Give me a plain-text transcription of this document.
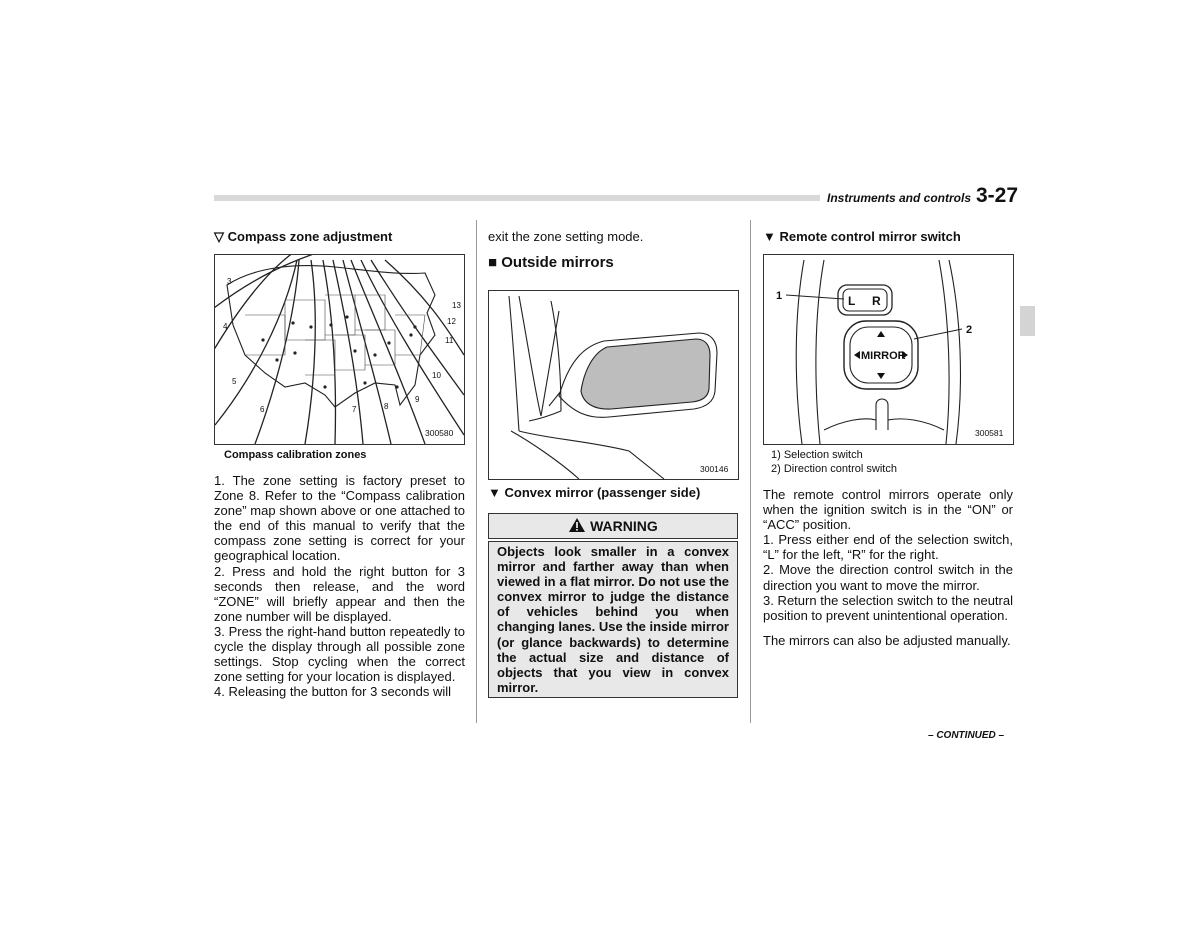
Instruments and controls 3-27
▽ Compass zone adjustment
3
4
5
6	7	8
9
10
11
12
13
300580
Compass calibration zones

1. The zone setting is factory preset to Zone 8. Refer to the “Compass calibration zone” map shown above or one attached to the end of this manual to verify that the compass zone setting is correct for your geographical location.

2. Press and hold the right button for 3 seconds then release, and the word “ZONE” will briefly appear and then the zone number will be displayed.

3. Press the right-hand button repeatedly to cycle the display through all possible zone settings. Stop cycling when the correct zone setting for your location is displayed.

4. Releasing the button for 3 seconds will

exit the zone setting mode.

■ Outside mirrors
300146
▼ Convex mirror (passenger side)
WARNING
Objects look smaller in a convex mirror and farther away than when viewed in a flat mirror. Do not use the convex mirror to judge the distance of vehicles behind you when changing lanes. Use the inside mirror (or glance backwards) to determine the actual size and distance of objects that you view in convex mirror.
▼ Remote control mirror switch
L R
MIRROR
1
2
300581
1) Selection switch
2) Direction control switch

The remote control mirrors operate only when the ignition switch is in the “ON” or “ACC” position.

1. Press either end of the selection switch, “L” for the left, “R” for the right.

2. Move the direction control switch in the direction you want to move the mirror.

3. Return the selection switch to the neutral position to prevent unintentional operation.

The mirrors can also be adjusted manually.

– CONTINUED –
